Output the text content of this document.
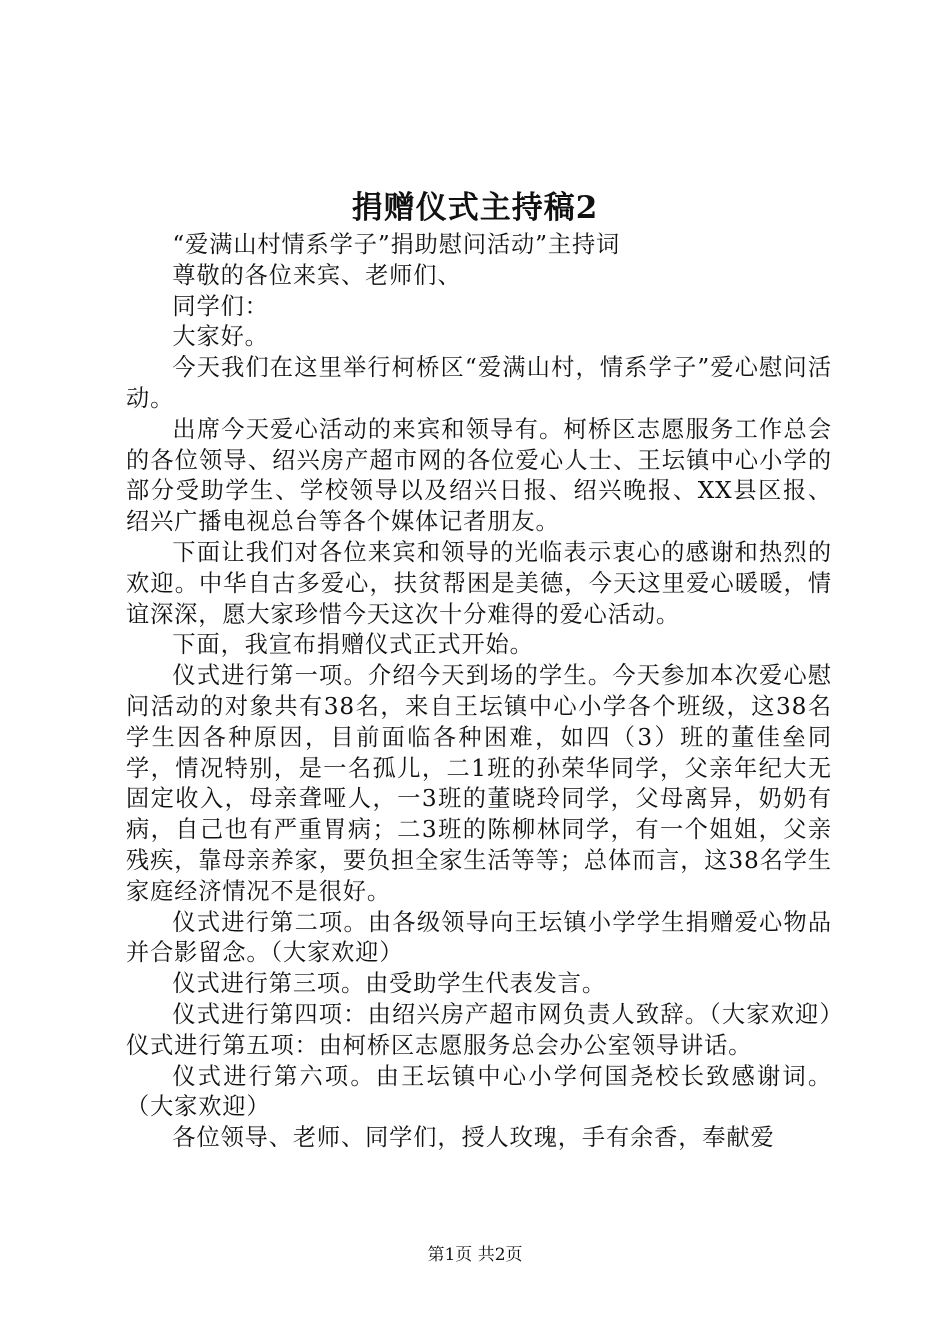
捐赠仪式主持稿2

“爱满山村情系学子”捐助慰问活动”主持词

尊敬的各位来宾、老师们、

同学们：

大家好。

今天我们在这里举行柯桥区“爱满山村，情系学子”爱心慰问活动。

出席今天爱心活动的来宾和领导有。柯桥区志愿服务工作总会的各位领导、绍兴房产超市网的各位爱心人士、王坛镇中心小学的部分受助学生、学校领导以及绍兴日报、绍兴晚报、XX县区报、绍兴广播电视总台等各个媒体记者朋友。

下面让我们对各位来宾和领导的光临表示衷心的感谢和热烈的欢迎。中华自古多爱心，扶贫帮困是美德，今天这里爱心暖暖，情谊深深，愿大家珍惜今天这次十分难得的爱心活动。

下面，我宣布捐赠仪式正式开始。

仪式进行第一项。介绍今天到场的学生。今天参加本次爱心慰问活动的对象共有38名，来自王坛镇中心小学各个班级，这38名学生因各种原因，目前面临各种困难，如四（3）班的董佳垒同学，情况特别，是一名孤儿，二1班的孙荣华同学，父亲年纪大无固定收入，母亲聋哑人，一3班的董晓玲同学，父母离异，奶奶有病，自己也有严重胃病；二3班的陈柳林同学，有一个姐姐，父亲残疾，靠母亲养家，要负担全家生活等等；总体而言，这38名学生家庭经济情况不是很好。

仪式进行第二项。由各级领导向王坛镇小学学生捐赠爱心物品并合影留念。（大家欢迎）

仪式进行第三项。由受助学生代表发言。

仪式进行第四项：由绍兴房产超市网负责人致辞。（大家欢迎）仪式进行第五项：由柯桥区志愿服务总会办公室领导讲话。

仪式进行第六项。由王坛镇中心小学何国尧校长致感谢词。（大家欢迎）

各位领导、老师、同学们，授人玫瑰，手有余香，奉献爱

第1页 共2页
